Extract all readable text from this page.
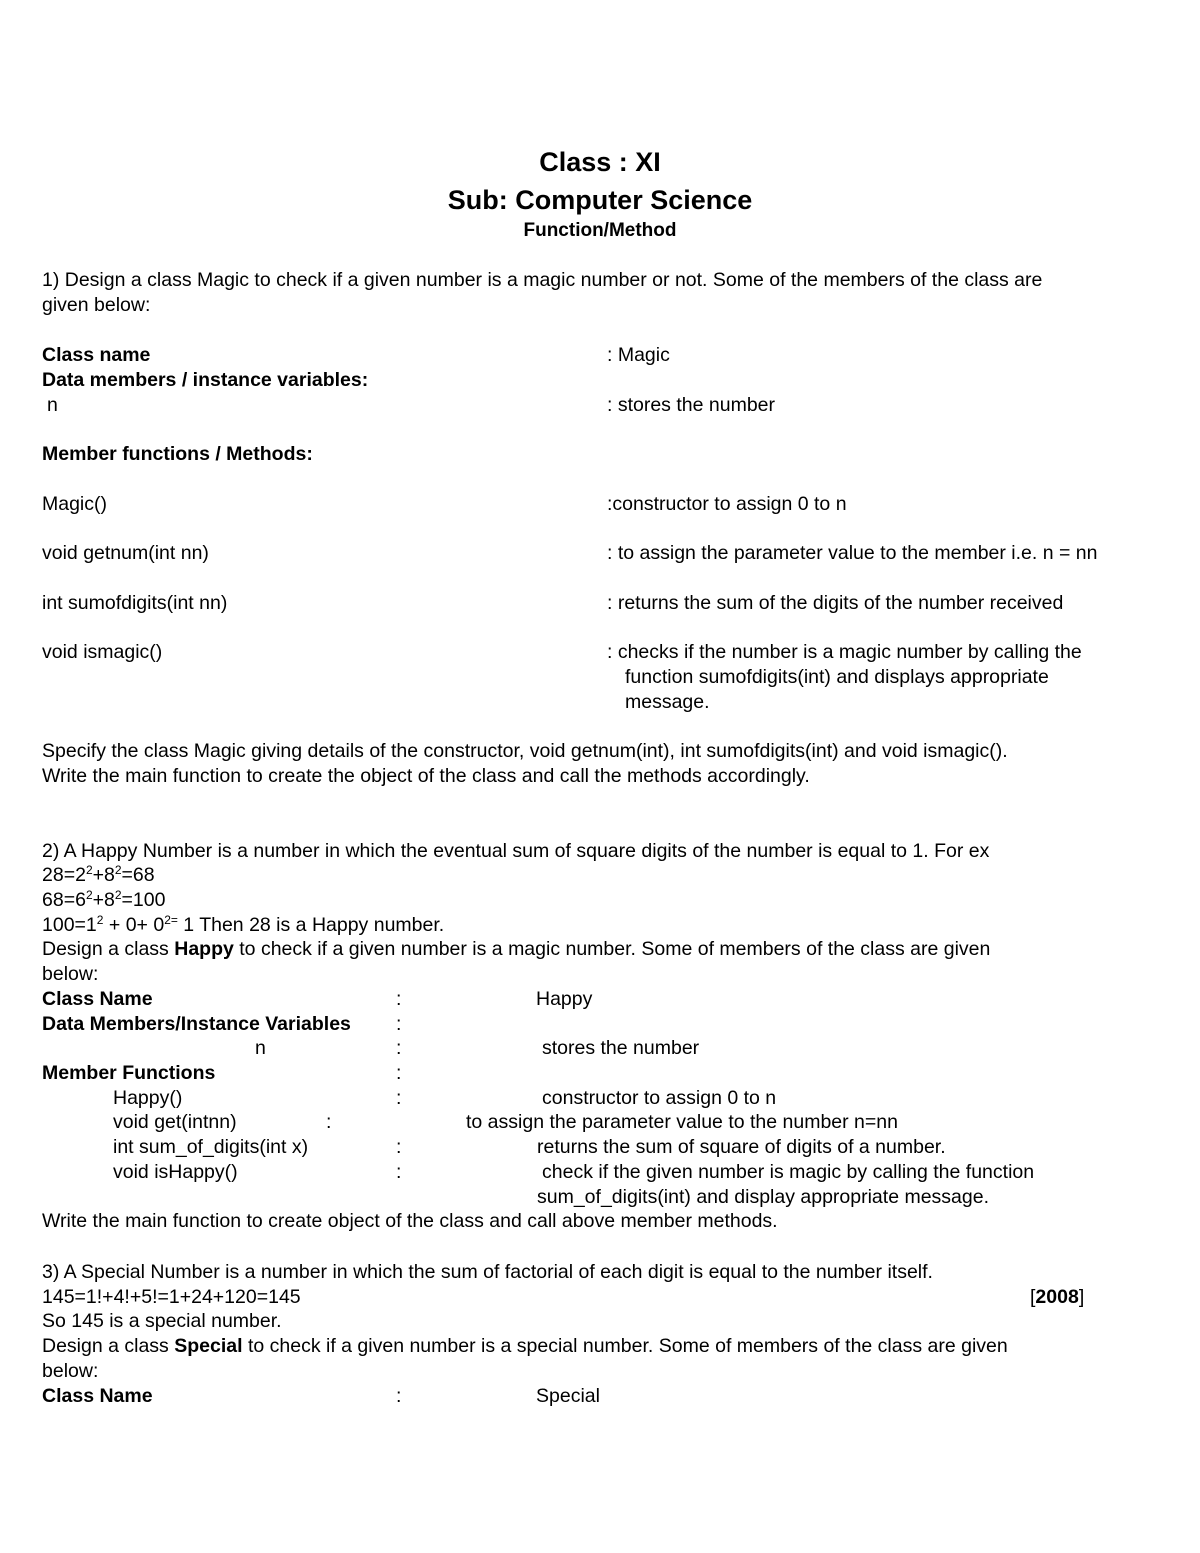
Class : XI
Sub: Computer Science
Function/Method
1) Design a class Magic to check if a given number is a magic number or not. Some of the members of the class are
given below:
Class name	: Magic
Data members / instance variables:
n	: stores the number
Member functions / Methods:
Magic()	:constructor to assign 0 to n
void getnum(int nn)	: to assign the parameter value to the member i.e. n = nn
int sumofdigits(int nn)	: returns the sum of the digits of the number received
void ismagic()	: checks if the number is a magic number by calling the
function sumofdigits(int) and displays appropriate
message.
Specify the class Magic giving details of the constructor, void getnum(int), int sumofdigits(int) and void ismagic().
Write the main function to create the object of the class and call the methods accordingly.
2) A Happy Number is a number in which the eventual sum of square digits of the number is equal to 1. For ex
$28=2^2+8^2=68$
$68=6^2+8^2=100$
$100=1^2 + 0+ 0^{2=}$ 1 Then 28 is a Happy number.
Design a class Happy to check if a given number is a magic number. Some of members of the class are given
below:
Class Name	:	Happy
Data Members/Instance Variables :
n	:	stores the number
Member Functions	:
Happy()	:	constructor to assign 0 to n
void get(intnn)	:	to assign the parameter value to the number n=nn
int sum_of_digits(int x)	:	returns the sum of square of digits of a number.
void isHappy()	:	check if the given number is magic by calling the function
sum_of_digits(int) and display appropriate message.
Write the main function to create object of the class and call above member methods.
3) A Special Number is a number in which the sum of factorial of each digit is equal to the number itself.
145=1!+4!+5!=1+24+120=145	[2008]
So 145 is a special number.
Design a class Special to check if a given number is a special number. Some of members of the class are given
below:
Class Name	:	Special
